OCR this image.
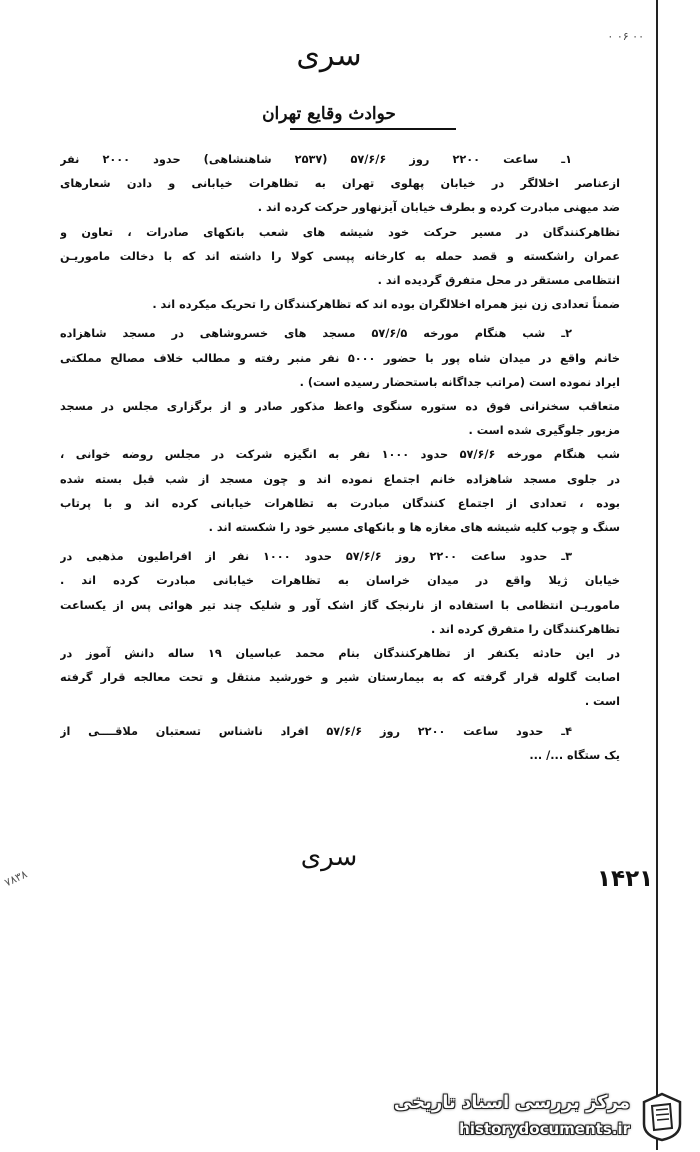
۰۰ ۰۶ ۰
سری
حوادث وقایع تهران
۱ـ ساعت ۲۲۰۰ روز ۵۷/۶/۶ (۲۵۳۷ شاهنشاهی) حدود ۲۰۰۰ نفر
ازعناصر اخلالگر در خیابان پهلوی تهران به تظاهرات خیابانی و دادن شعارهای
ضد میهنی مبادرت کرده و بطرف خیابان آیزنهاور حرکت کرده اند .
تظاهرکنندگان در مسیر حرکت خود شیشه های شعب بانکهای صادرات ، تعاون و
عمران راشکسته و قصد حمله به کارخانه پپسی کولا را داشته اند که با دخالت ماموریـن
انتظامی مستقر در محل متفرق گردیده اند .
ضمناً تعدادی زن نیز همراه اخلالگران بوده اند که تظاهرکنندگان را تحریک میکرده اند .
۲ـ شب هنگام مورخه ۵۷/۶/۵ مسجد های خسروشاهی در مسجد شاهزاده
خانم واقع در میدان شاه پور با حضور ۵۰۰۰ نفر منبر رفته و مطالب خلاف مصالح مملکتی
ایراد نموده است (مراتب جداگانه باستحضار رسیده است) .
متعاقب سخنرانی فوق ده ستوره سنگوی واعظ مذکور صادر و از برگزاری مجلس در مسجد
مزبور جلوگیری شده است .
شب هنگام مورخه ۵۷/۶/۶ حدود ۱۰۰۰ نفر به انگیزه شرکت در مجلس روضه خوانی ،
در جلوی مسجد شاهزاده خانم اجتماع نموده اند و چون مسجد از شب قبل بسته شده
بوده ، تعدادی از اجتماع کنندگان مبادرت به تظاهرات خیابانی کرده اند و با پرتاب
سنگ و چوب کلیه شیشه های مغازه ها و بانکهای مسیر خود را شکسته اند .
۳ـ حدود ساعت ۲۲۰۰ روز ۵۷/۶/۶ حدود ۱۰۰۰ نفر از افراطیون مذهبی در
خیابان ژیلا واقع در میدان خراسان به تظاهرات خیابانی مبادرت کرده اند .
ماموریـن انتظامی با استفاده از نارنجک گاز اشک آور و شلیک چند تیر هوائی پس از یکساعت
تظاهرکنندگان را متفرق کرده اند .
در این حادثه یکنفر از تظاهرکنندگان بنام محمد عباسیان ۱۹ ساله دانش آموز در
اصابت گلوله قرار گرفته که به بیمارستان شیر و خورشید منتقل و تحت معالجه قرار گرفته
است .
۴ـ حدود ساعت ۲۲۰۰ روز ۵۷/۶/۶ افراد ناشناس تسعتبان ملاقــــی از
یک ستگاه .../ ...
سری
۱۴۲۱
۷۸۳۸
مرکز بررسی اسناد تاریخی
historydocuments.ir
